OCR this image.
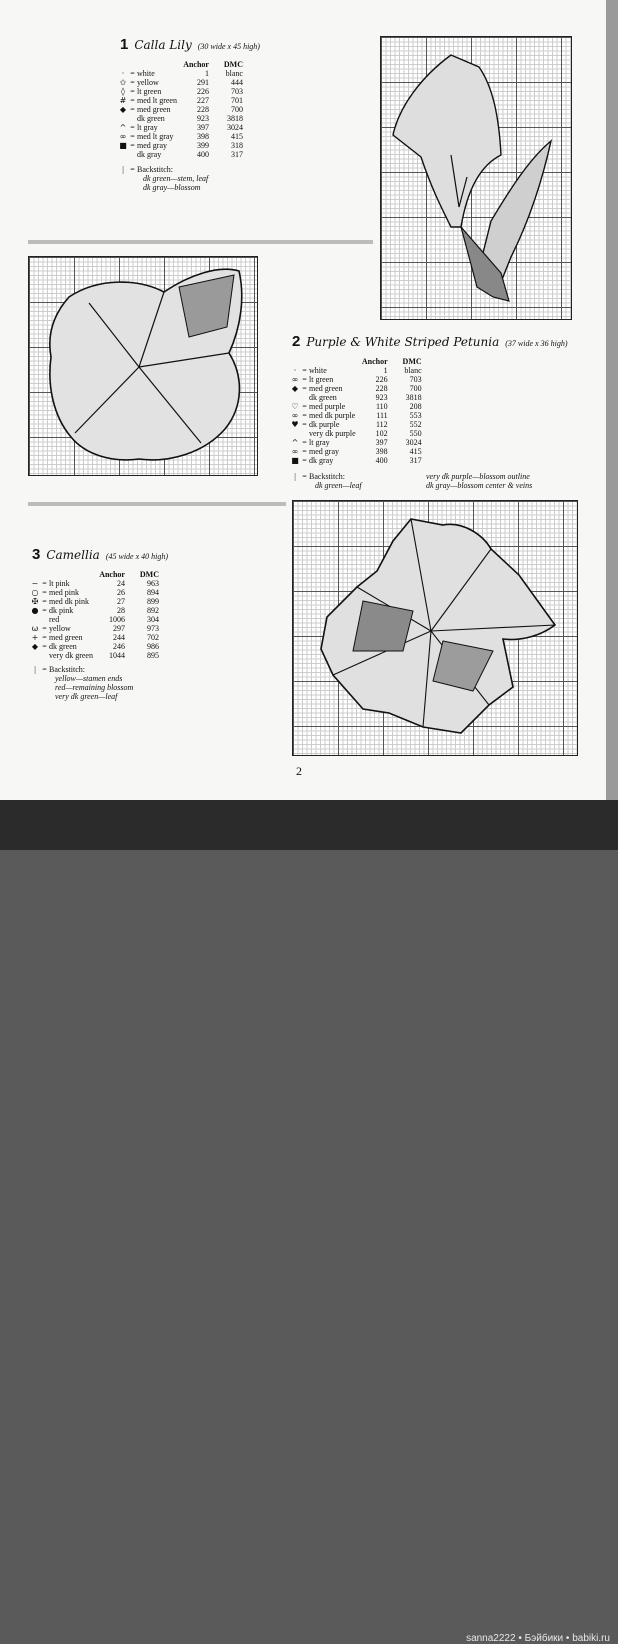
1 Calla Lily (30 wide x 45 high)
			Anchor	DMC
·	=	white	1	blanc
✩	=	yellow	291	444
◊	=	lt green	226	703
#	=	med lt green	227	701
◆	=	med green	228	700
		dk green	923	3818
^	=	lt gray	397	3024
∞	=	med lt gray	398	415
■	=	med gray	399	318
		dk gray	400	317
| = Backstitch:
dk green—stem, leaf
dk gray—blossom
2 Purple & White Striped Petunia (37 wide x 36 high)
			Anchor	DMC
·	=	white	1	blanc
∞	=	lt green	226	703
◆	=	med green	228	700
		dk green	923	3818
♡	=	med purple	110	208
∞	=	med dk purple	111	553
♥	=	dk purple	112	552
		very dk purple	102	550
^	=	lt gray	397	3024
∞	=	med gray	398	415
■	=	dk gray	400	317
| = Backstitch:	very dk purple—blossom outline
dk green—leaf	dk gray—blossom center & veins
3 Camellia (45 wide x 40 high)
			Anchor	DMC
~	=	lt pink	24	963
○	=	med pink	26	894
✠	=	med dk pink	27	899
●	=	dk pink	28	892
		red	1006	304
ω	=	yellow	297	973
+	=	med green	244	702
◆	=	dk green	246	986
		very dk green	1044	895
| = Backstitch:
yellow—stamen ends
red—remaining blossom
very dk green—leaf
2
sanna2222 • Бэйбики • babiki.ru
